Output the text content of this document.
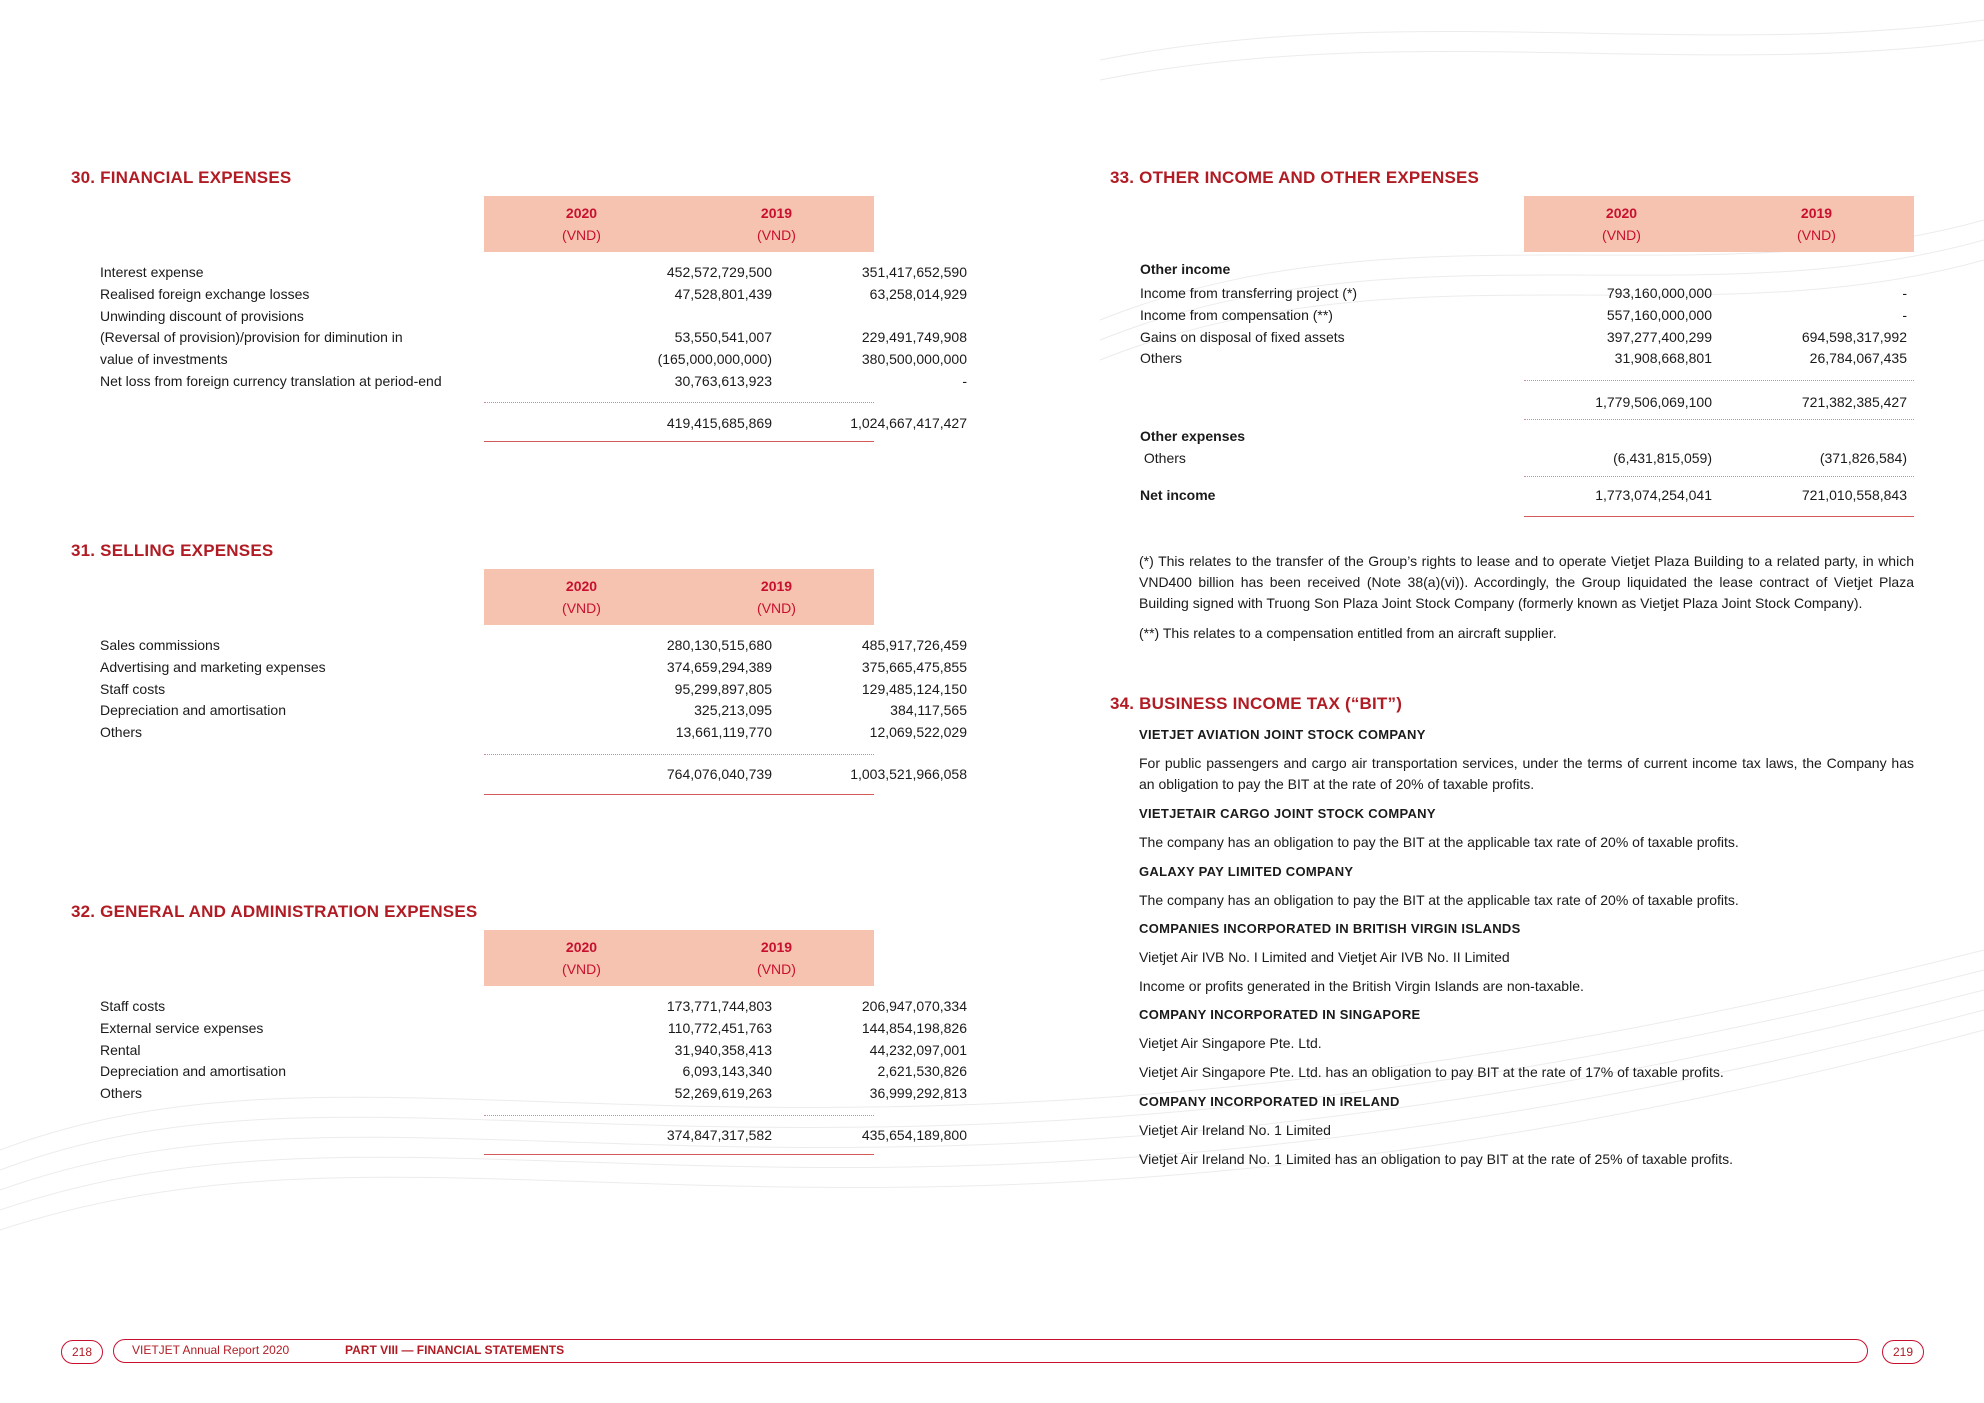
30. FINANCIAL EXPENSES
2020
(VND)
2019
(VND)
Interest expense	452,572,729,500	351,417,652,590
Realised foreign exchange losses	47,528,801,439	63,258,014,929
Unwinding discount of provisions
(Reversal of provision)/provision for diminution in	53,550,541,007	229,491,749,908
value of investments	(165,000,000,000)	380,500,000,000
Net loss from foreign currency translation at period-end	30,763,613,923	-
419,415,685,869	1,024,667,417,427
31. SELLING EXPENSES
2020
(VND)
2019
(VND)
Sales commissions	280,130,515,680	485,917,726,459
Advertising and marketing expenses	374,659,294,389	375,665,475,855
Staff costs	95,299,897,805	129,485,124,150
Depreciation and amortisation	325,213,095	384,117,565
Others	13,661,119,770	12,069,522,029
764,076,040,739	1,003,521,966,058
32. GENERAL AND ADMINISTRATION EXPENSES
2020
(VND)
2019
(VND)
Staff costs	173,771,744,803	206,947,070,334
External service expenses	110,772,451,763	144,854,198,826
Rental	31,940,358,413	44,232,097,001
Depreciation and amortisation	6,093,143,340	2,621,530,826
Others	52,269,619,263	36,999,292,813
374,847,317,582	435,654,189,800
33. OTHER INCOME AND OTHER EXPENSES
2020
(VND)
2019
(VND)
Other income
Income from transferring project (*)	793,160,000,000	-
Income from compensation (**)	557,160,000,000	-
Gains on disposal of fixed assets	397,277,400,299	694,598,317,992
Others	31,908,668,801	26,784,067,435
1,779,506,069,100	721,382,385,427
Other expenses
Others	(6,431,815,059)	(371,826,584)
Net income	1,773,074,254,041	721,010,558,843
(*) This relates to the transfer of the Group’s rights to lease and to operate Vietjet Plaza Building to a related party, in which VND400 billion has been received (Note 38(a)(vi)). Accordingly, the Group liquidated the lease contract of Vietjet Plaza Building signed with Truong Son Plaza Joint Stock Company (formerly known as Vietjet Plaza Joint Stock Company).
(**) This relates to a compensation entitled from an aircraft supplier.
34. BUSINESS INCOME TAX (“BIT”)
VIETJET AVIATION JOINT STOCK COMPANY
For public passengers and cargo air transportation services, under the terms of current income tax laws, the Company has an obligation to pay the BIT at the rate of 20% of taxable profits.
VIETJETAIR CARGO JOINT STOCK COMPANY
The company has an obligation to pay the BIT at the applicable tax rate of 20% of taxable profits.
GALAXY PAY LIMITED COMPANY
The company has an obligation to pay the BIT at the applicable tax rate of 20% of taxable profits.
COMPANIES INCORPORATED IN BRITISH VIRGIN ISLANDS
Vietjet Air IVB No. I Limited and Vietjet Air IVB No. II Limited
Income or profits generated in the British Virgin Islands are non-taxable.
COMPANY INCORPORATED IN SINGAPORE
Vietjet Air Singapore Pte. Ltd.
Vietjet Air Singapore Pte. Ltd. has an obligation to pay BIT at the rate of 17% of taxable profits.
COMPANY INCORPORATED IN IRELAND
Vietjet Air Ireland No. 1 Limited
Vietjet Air Ireland No. 1 Limited has an obligation to pay BIT at the rate of 25% of taxable profits.
218	VIETJET Annual Report 2020	PART VIII — FINANCIAL STATEMENTS	219
